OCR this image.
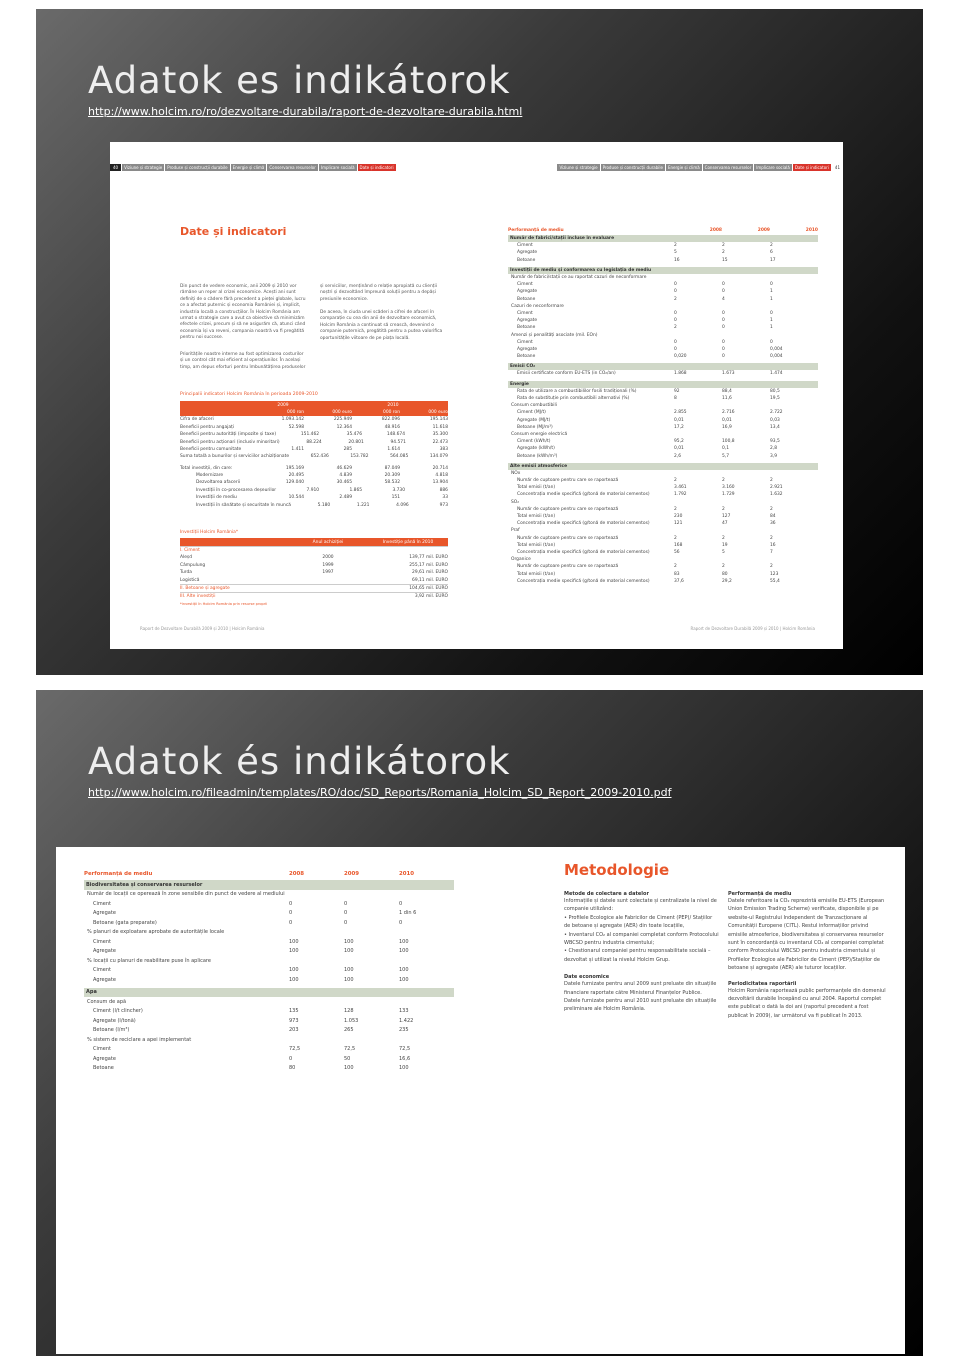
Adatok es indikátorok
http://www.holcim.ro/ro/dezvoltare-durabila/raport-de-dezvoltare-durabila.html
40	Viziune și strategie	Produse și construcții durabile	Energie și climă	Conservarea resurselor	Implicare socială	Date și indicatori	Viziune și strategie	Produse și construcții durabile	Energie și climă	Conservarea resurselor	Implicare socială	Date și indicatori	41
Date și indicatori
Din punct de vedere economic, anii 2009 și 2010 vor rămâne un reper al crizei economice. Acești ani sunt definiți de o cădere fără precedent a pieței globale, lucru ce a afectat puternic și economia României și, implicit, industria locală a construcțiilor. În Holcim România am urmat o strategie care a avut ca obiective să minimizăm efectele crizei, precum și să ne asigurăm că, atunci când economia își va reveni, compania noastră va fi pregătită pentru noi succese.
Prioritățile noastre interne au fost optimizarea costurilor și un control cât mai eficient al operațiunilor. În același timp, am depus eforturi pentru îmbunătățirea produselor
și serviciilor, menținând o relație apropiată cu clienții noștri și dezvoltând împreună soluții pentru a depăși presiunile economice.
De aceea, în ciuda unei scăderi a cifrei de afaceri în comparație cu cea din anii de dezvoltare economică, Holcim România a continuat să crească, devenind o companie puternică, pregătită pentru a putea valorifica oportunitățile viitoare de pe piața locală.
Principalii indicatori Holcim România în perioada 2009-2010
2009	2010
000 ron	000 euro	000 ron	000 euro
Cifra de afaceri	1.093.142	225.949	822.096	195.143
Beneficii pentru angajați	52.598	12.364	48.916	11.618
Beneficii pentru autorități (impozite și taxe)	151.462	35.476	148.674	35.300
Beneficii pentru acționari (inclusiv minoritari)	88.224	20.801	94.571	22.473
Beneficii pentru comunitate	1.411	285	1.614	383
Suma totală a bunurilor și serviciilor achiziționate	652.436	153.782	564.085	134.079
Total investiții, din care:	195.169	46.629	87.049	20.714
Modernizare	20.495	4.839	20.309	4.818
Dezvoltarea afacerii	129.040	30.465	58.532	13.904
Investiții în co-procesarea deșeurilor	7.910	1.865	3.730	886
Investiții de mediu	10.544	2.489	151	33
Investiții în sănătate și securitate în muncă	5.180	1.221	4.096	973
Investiții Holcim România*
Anul achiziției	Investiție până în 2010
I. Ciment
Aleșd	2000	139,77 mil. EURO
Câmpulung	1999	255,17 mil. EURO
Turda	1997	29,61 mil. EURO
Logistică	69,11 mil. EURO
II. Betoane și agregate	104,65 mil. EURO
III. Alte investiții	3,92 mil. EURO
*investiții în Holcim România prin resurse proprii
Raport de Dezvoltare Durabilă 2009 și 2010 | Holcim România
Performanță de mediu	2008	2009	2010
Număr de fabrici/stații incluse în evaluare
Ciment	2	2	2
Agregate	5	2	6
Betoane	16	15	17
Investiții de mediu și conformarea cu legislația de mediu
Număr de fabrici/stații ce au raportat cazuri de neconformare
Ciment	0	0	0
Agregate	0	0	1
Betoane	2	4	1
Cazuri de neconformare
Ciment	0	0	0
Agregate	0	0	1
Betoane	2	0	1
Amenzi și penalități asociate (mil. EOn)
Ciment	0	0	0
Agregate	0	0	0,004
Betoane	0,020	0	0,004
Emisii CO₂
Emisii certificate conform EU-ETS (in CO₂/an)	1.868	1.673	1.474
Energie
Rata de utilizare a combustibililor fosili tradiționali (%)	92	88,4	80,5
Rata de substituție prin combustibili alternativi (%)	8	11,6	19,5
Consum combustibili
Ciment (MJ/t)	2.855	2.716	2.722
Agregate (MJ/t)	0,01	0,01	0,03
Betoane (MJ/m³)	17,2	16,9	13,4
Consum energie electrică
Ciment (kWh/t)	95,2	100,8	93,5
Agregate (kWh/t)	0,01	0,1	2,8
Betoane (kWh/m³)	2,6	5,7	3,9
Alte emisii atmosferice
NOx
Număr de cuptoare pentru care se raportează	2	2	2
Total emisii (t/an)	3.461	3.160	2.921
Concentrația medie specifică (g/tonă de material cementos)	1.792	1.729	1.632
SO₂
Număr de cuptoare pentru care se raportează	2	2	2
Total emisii (t/an)	230	127	84
Concentrația medie specifică (g/tonă de material cementos)	121	47	36
Praf
Număr de cuptoare pentru care se raportează	2	2	2
Total emisii (t/an)	168	19	16
Concentrația medie specifică (g/tonă de material cementos)	56	5	7
Organice
Număr de cuptoare pentru care se raportează	2	2	2
Total emisii (t/an)	83	80	123
Concentrația medie specifică (g/tonă de material cementos)	37,6	29,2	55,4
Raport de Dezvoltare Durabilă 2009 și 2010 | Holcim România
Adatok és indikátorok
http://www.holcim.ro/fileadmin/templates/RO/doc/SD_Reports/Romania_Holcim_SD_Report_2009-2010.pdf
Performanță de mediu	2008	2009	2010
Biodiversitatea și conservarea resurselor
Număr de locații ce operează în zone sensibile din punct de vedere al mediului
Ciment	0	0	0
Agregate	0	0	1 din 6
Betoane (gata preparate)	0	0	0
% planuri de exploatare aprobate de autoritățile locale
Ciment	100	100	100
Agregate	100	100	100
% locații cu planuri de reabilitare puse în aplicare
Ciment	100	100	100
Agregate	100	100	100
Apa
Consum de apă
Ciment (l/t clincher)	135	128	133
Agregate (l/tonă)	973	1.053	1.422
Betoane (l/m³)	203	265	235
% sistem de reciclare a apei implementat
Ciment	72,5	72,5	72,5
Agregate	0	50	16,6
Betoane	80	100	100
Metodologie
Metode de colectare a datelor
Informațiile și datele sunt colectate și centralizate la nivel de companie utilizând:
• Profilele Ecologice ale Fabricilor de Ciment (PEP)/ Stațiilor de betoane și agregate (AER) din toate locațiile,
• Inventarul CO₂ al companiei completat conform Protocolului WBCSD pentru industria cimentului;
• Chestionarul companiei pentru responsabilitate socială – dezvoltat și utilizat la nivelul Holcim Grup.
Date economice
Datele furnizate pentru anul 2009 sunt preluate din situațiile financiare raportate către Ministerul Finanțelor Publice. Datele furnizate pentru anul 2010 sunt preluate din situațiile preliminare ale Holcim România.
Performanță de mediu
Datele referitoare la CO₂ reprezintă emisiile EU-ETS (European Union Emission Trading Scheme) verificate, disponibile și pe website-ul Registrului Independent de Tranzacționare al Comunității Europene (CITL). Restul informațiilor privind emisiile atmosferice, biodiversitatea și conservarea resurselor sunt în concordanță cu inventarul CO₂ al companiei completat conform Protocolului WBCSD pentru industria cimentului și Profilelor Ecologice ale Fabricilor de Ciment (PEP)/Stațiilor de betoane și agregate (AER) ale tuturor locațiilor.
Periodicitatea raportării
Holcim România raportează public performanțele din domeniul dezvoltării durabile începând cu anul 2004. Raportul complet este publicat o dată la doi ani (raportul precedent a fost publicat în 2009), iar următorul va fi publicat în 2013.
